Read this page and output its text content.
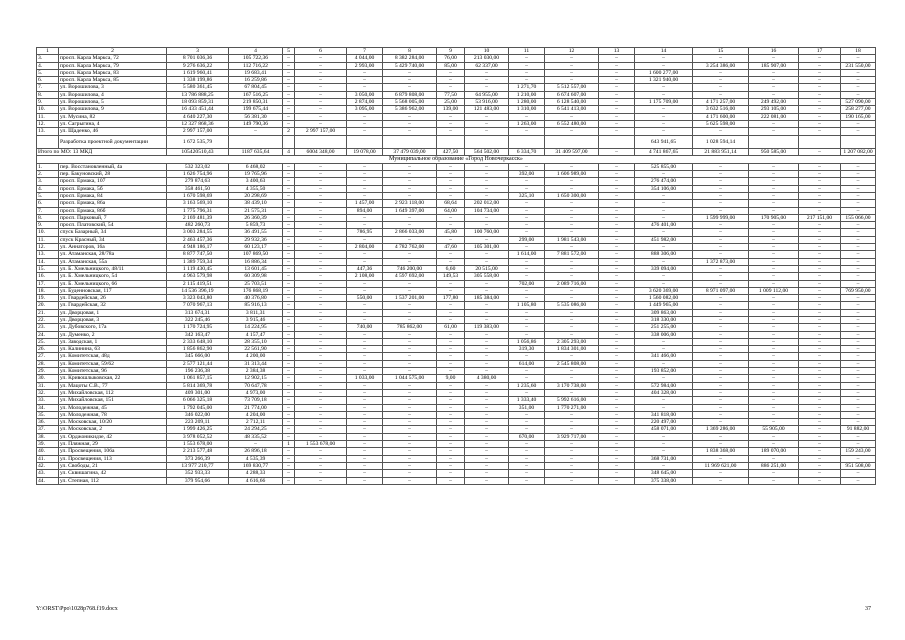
1	2	3	4	5	6	7	8	9	10	11	12	13	14	15	16	17	18
3.	просп. Карла Маркса, 72	8 701 036,36	105 722,36	–	–	4 044,00	8 382 284,00	76,00	213 030,00	–	–	–	–	–	–	–	–
4.	просп. Карла Маркса, 79	9 276 636,22	112 716,22	–	–	2 993,00	5 429 740,00	85,00	62 337,00	–	–	–	–	3 254 386,00	185 907,00	–	231 550,00
5.	просп. Карла Маркса, 83	1 619 960,41	19 683,41	–	–	–	–	–	–	–	–	–	1 600 277,00	–	–	–	–
6.	просп. Карла Маркса, 85	1 338 199,86	16 259,86	–	–	–	–	–	–	–	–	–	1 321 940,00	–	–	–	–
7.	ул. Ворошилова, 3	5 580 361,45	67 804,45	–	–	–	–	–	–	1 271,70	5 512 557,00	–	–	–	–	–	–
8.	ул. Ворошилова, 4	13 786 888,25	167 516,25	–	–	3 050,00	6 879 808,00	77,50	64 955,00	1 210,00	6 674 607,00	–	–	–	–	–	–
9.	ул. Ворошилова, 5	18 093 859,31	219 850,31	–	–	2 874,00	5 568 005,00	25,00	53 916,00	1 280,00	6 128 540,00	–	1 175 709,00	4 171 257,00	249 492,00	–	527 090,00
10.	ул. Ворошилова, 9	16 433 451,44	199 675,44	–	–	3 095,00	5 386 962,00	139,00	121 483,00	1 310,00	6 541 413,00	–	–	3 632 516,00	293 105,00	–	258 277,00
11.	ул. Мусина, 82	4 640 227,30	56 381,30	–	–	–	–	–	–	–	–	–	–	4 171 600,00	222 081,00	–	190 165,00
12.	ул. Сагрыгина, 4	12 327 868,36	149 790,36	–	–	–	–	–	–	1 263,00	6 552 480,00	–	–	5 625 598,00	–	–	–
13.	ул. Щаденко, 46	2 997 157,00	–	2	2 997 157,00	–	–	–	–	–	–	–	–	–	–	–	–
	Разработка проектной документации	1 672 535,79											643 941,65	1 028 594,14			
Итого по МО: 13 МКД		105420510,43	1187 635,64	4	6004 348,00	19 078,00	37 479 039,00	427,50	564 502,00	6 334,70	31 409 597,00	–	4 741 867,65	21 883 951,14	950 585,00	–	1 207 082,00
Муниципальное образование «Город Новочеркасск»																	
1.	пер. Восстановленный, 4а	532 323,02	6 468,02	–	–	–	–	–	–	–	–	–	525 855,00	–	–	–	–
2.	пер. Бакуновский, 28	1 626 754,96	19 765,96	–	–	–	–	–	–	392,00	1 606 989,00	–	–	–	–	–	–
3.	просп. Ермака, 107	279 874,63	3 400,63	–	–	–	–	–	–	–	–	–	276 474,00	–	–	–	–
4.	просп. Ермака, 5б	358 461,50	4 355,50	–	–	–	–	–	–	–	–	–	354 106,00	–	–	–	–
5.	просп. Ермака, 84	1 670 598,69	20 298,69	–	–	–	–	–	–	325,10	1 650 300,00	–	–	–	–	–	–
6.	просп. Ермака, 86а	3 163 569,10	38 439,10	–	–	1 457,00	2 923 118,00	68,64	202 012,00	–	–	–	–	–	–	–	–
7.	просп. Ермака, 86б	1 775 796,31	21 575,31	–	–	894,00	1 649 397,00	64,00	104 734,00	–	–	–	–	–	–	–	–
8.	просп. Парковый, 7	2 169 481,39	26 360,39	–	–	–	–	–	–	–	–	–	–	1 599 999,00	170 905,00	217 151,00	155 066,00
9.	просп. Платовский, 54	482 260,73	5 859,73	–	–	–	–	–	–	–	–	–	476 401,00	–	–	–	–
10.	спуск Базарный, 34	3 003 284,55	36 491,55	–	–	786,95	2 866 033,00	45,80	100 760,00	–	–	–	–	–	–	–	–
11.	спуск Красный, 34	2 463 457,36	29 932,36	–	–	–	–	–	–	299,00	1 981 543,00	–	451 982,00	–	–	–	–
12.	ул. Аннаторов, 16а	4 948 186,17	60 123,17	–	–	2 804,00	4 782 762,00	47,60	105 301,00	–	–	–	–	–	–	–	–
13.	ул. Атаманская, 28/78а	8 877 747,50	107 869,50	–	–	–	–	–	–	1 614,00	7 881 572,00	–	888 306,00	–	–	–	–
14.	ул. Атаманская, 55а	1 389 759,34	16 886,34	–	–	–	–	–	–	–	–	–	–	1 372 873,00	–	–	–
15.	ул. Б. Хмельницкого, 48/11	1 119 430,45	13 601,45	–	–	447,36	746 200,00	6,60	20 515,00	–	–	–	339 094,00	–	–	–	–
16.	ул. Б. Хмельницкого, 54	4 963 579,98	60 309,98	–	–	2 108,00	4 597 692,00	149,53	305 558,00	–	–	–	–	–	–	–	–
17.	ул. Б. Хмельницкого, 66	2 115 419,51	25 703,51	–	–	–	–	–	–	702,00	2 089 716,00	–	–	–	–	–	–
18.	ул. Буденновская, 117	14 536 396,19	176 868,19	–	–	–	–	–	–	–	–	–	3 620 369,00	8 971 097,00	1 009 112,00	–	769 950,00
19.	ул. Гвардейская, 26	3 323 043,80	40 376,80	–	–	550,00	1 537 201,00	177,80	185 384,00	–	–	–	1 560 082,00	–	–	–	–
20.	ул. Гвардейская, 32	7 070 967,13	85 916,13	–	–	–	–	–	–	1 105,80	5 535 086,00	–	1 449 965,00	–	–	–	–
21.	ул. Дворцовая, 1	313 674,31	3 811,31	–	–	–	–	–	–	–	–	–	309 863,00	–	–	–	–
22.	ул. Дворцовая, 3	322 245,46	3 915,46	–	–	–	–	–	–	–	–	–	318 330,00	–	–	–	–
23.	ул. Дубовского, 17а	1 170 724,95	14 224,95	–	–	740,00	785 862,00	61,00	119 383,00	–	–	–	251 255,00	–	–	–	–
24.	ул. Думенко, 2	342 163,47	4 157,47	–	–	–	–	–	–	–	–	–	338 006,00	–	–	–	–
25.	ул. Заводская, 1	2 333 648,10	28 355,10	–	–	–	–	–	–	1 056,86	2 305 293,00	–	–	–	–	–	–
26.	ул. Калинина, 63	1 856 862,90	22 561,90	–	–	–	–	–	–	319,30	1 834 301,00	–	–	–	–	–	–
27.	ул. Комитетская, 48д	345 666,00	4 200,00	–	–	–	–	–	–	–	–	–	341 466,00	–	–	–	–
28.	ул. Комитетская, 59/62	2 577 121,44	31 313,44	–	–	–	–	–	–	614,00	2 545 808,00	–	–	–	–	–	–
29.	ул. Комитетская, 96	196 236,38	2 384,38	–	–	–	–	–	–	–	–	–	193 852,00	–	–	–	–
30.	ул. Кривошлыковская, 22	1 061 857,15	12 902,15	–	–	1 033,00	1 044 575,00	9,00	4 380,00	–	–	–	–	–	–	–	–
31.	ул. Мацоты С.В., 77	5 814 369,78	70 647,78	–	–	–	–	–	–	1 235,60	3 170 738,00	–	572 984,00	–	–	–	–
32.	ул. Михайловская, 112	409 301,00	4 973,00	–	–	–	–	–	–	–	–	–	404 328,00	–	–	–	–
33.	ул. Михайловская, 151	6 066 325,18	73 709,18	–	–	–	–	–	–	1 333,40	5 992 616,00	–	–	–	–	–	–
34.	ул. Молодежная, 45	1 792 045,00	21 774,00	–	–	–	–	–	–	351,00	1 770 271,00	–	–	–	–	–	–
35.	ул. Молодежная, 78	346 022,00	4 204,00	–	–	–	–	–	–	–	–	–	341 818,00	–	–	–	–
36.	ул. Московская, 10/20	223 209,11	2 712,11	–	–	–	–	–	–	–	–	–	220 497,00	–	–	–	–
37.	ул. Московская, 2	1 999 426,25	24 294,25	–	–	–	–	–	–	–	–	–	458 071,00	1 369 286,00	55 905,00	–	91 882,00
38.	ул. Орджоникидзе, 42	3 978 052,52	48 335,52	–	–	–	–	–	–	670,00	3 929 717,00	–	–	–	–	–	–
39.	ул. Пляжная, 29	1 553 678,00	–	1	1 553 678,00	–	–	–	–	–	–	–	–	–	–	–	–
40.	ул. Просвещения, 106а	2 213 577,48	26 896,18	–	–	–	–	–	–	–	–	–	–	1 838 368,00	189 070,00	–	159 243,00
41.	ул. Просвещения, 113	373 266,39	4 535,39	–	–	–	–	–	–	–	–	–	368 731,00	–	–	–	–
42.	ул. Свободы, 21	13 977 210,77	169 830,77	–	–	–	–	–	–	–	–	–	–	11 969 621,00	886 251,00	–	951 508,00
43.	ул. Сквишагина, 42	352 933,33	4 288,33	–	–	–	–	–	–	–	–	–	348 645,00	–	–	–	–
44.	ул. Степная, 112	379 954,66	4 616,66	–	–	–	–	–	–	–	–	–	375 338,00	–	–	–	–
Y:\ORST\Ppo\1028p768.f19.docx	37
